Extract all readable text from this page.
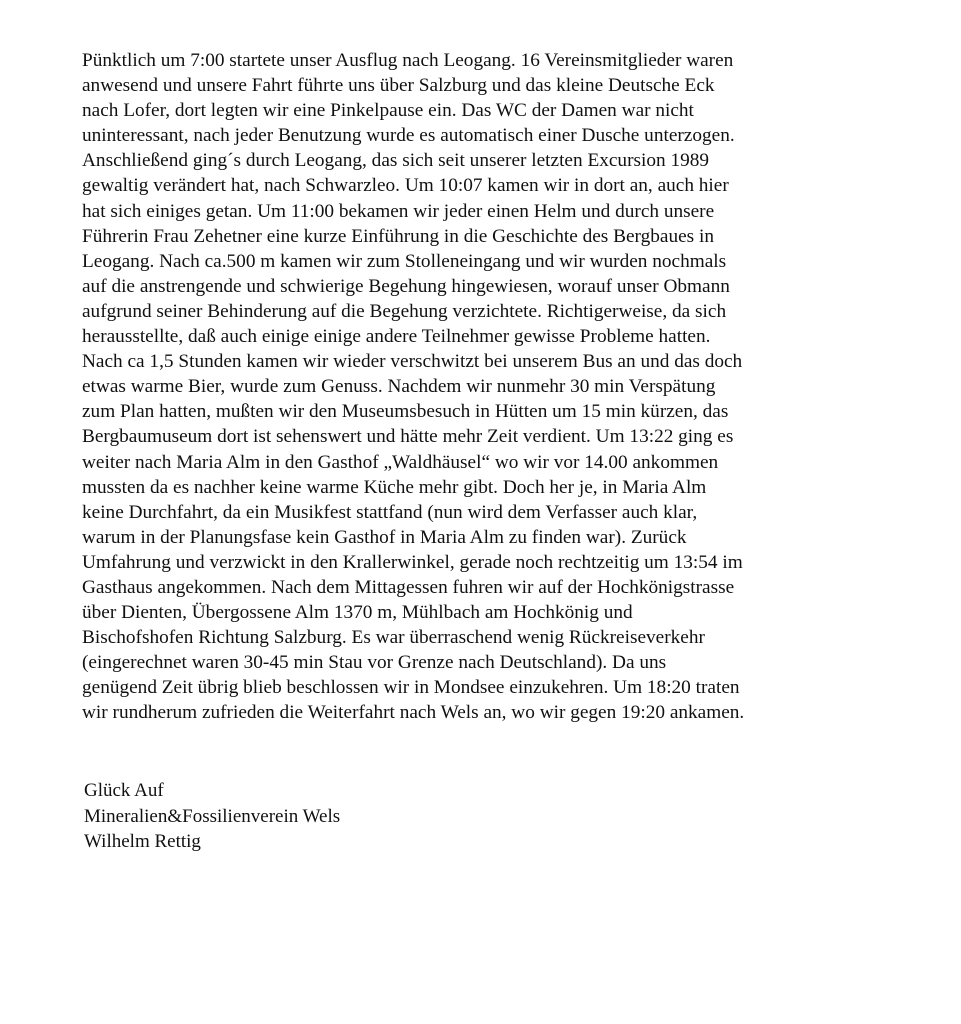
Pünktlich um 7:00 startete unser Ausflug nach Leogang. 16 Vereinsmitglieder waren
anwesend und unsere Fahrt führte uns über Salzburg und das kleine Deutsche Eck
nach Lofer, dort legten wir eine Pinkelpause ein. Das WC der Damen war nicht
uninteressant, nach jeder Benutzung wurde es automatisch einer Dusche unterzogen.
Anschließend ging´s durch Leogang, das sich seit unserer letzten Excursion 1989
gewaltig verändert hat, nach Schwarzleo. Um 10:07 kamen wir in dort an, auch hier
hat sich einiges getan. Um 11:00 bekamen wir jeder einen Helm und durch unsere
Führerin Frau Zehetner eine kurze Einführung in die Geschichte des Bergbaues in
Leogang. Nach ca.500 m kamen wir zum Stolleneingang und wir wurden nochmals
auf die anstrengende und schwierige Begehung hingewiesen, worauf unser Obmann
aufgrund seiner Behinderung auf die Begehung verzichtete. Richtigerweise, da sich
herausstellte, daß auch einige einige andere Teilnehmer gewisse Probleme hatten.
Nach ca 1,5 Stunden kamen wir wieder verschwitzt bei unserem Bus an und das doch
etwas warme Bier, wurde zum Genuss. Nachdem wir nunmehr 30 min Verspätung
zum Plan hatten, mußten wir den Museumsbesuch in Hütten um 15 min kürzen, das
Bergbaumuseum dort ist sehenswert und hätte mehr Zeit verdient. Um 13:22 ging es
weiter nach Maria Alm in den Gasthof „Waldhäusel“ wo wir vor 14.00 ankommen
mussten da es nachher keine warme Küche mehr gibt. Doch her je, in Maria Alm
keine Durchfahrt, da ein Musikfest stattfand (nun wird dem Verfasser auch klar,
warum in der Planungsfase kein Gasthof in Maria Alm zu finden war). Zurück
Umfahrung und verzwickt in den Krallerwinkel, gerade noch rechtzeitig um 13:54 im
Gasthaus angekommen. Nach dem Mittagessen fuhren wir auf der Hochkönigstrasse
über Dienten, Übergossene Alm 1370 m, Mühlbach am Hochkönig und
Bischofshofen Richtung Salzburg. Es war überraschend wenig Rückreiseverkehr
(eingerechnet waren 30-45 min Stau vor Grenze nach Deutschland). Da uns
genügend Zeit übrig blieb beschlossen wir in Mondsee einzukehren. Um 18:20 traten
wir rundherum zufrieden die Weiterfahrt nach Wels an, wo wir gegen 19:20 ankamen.
Glück Auf
Mineralien&Fossilienverein Wels
Wilhelm Rettig
